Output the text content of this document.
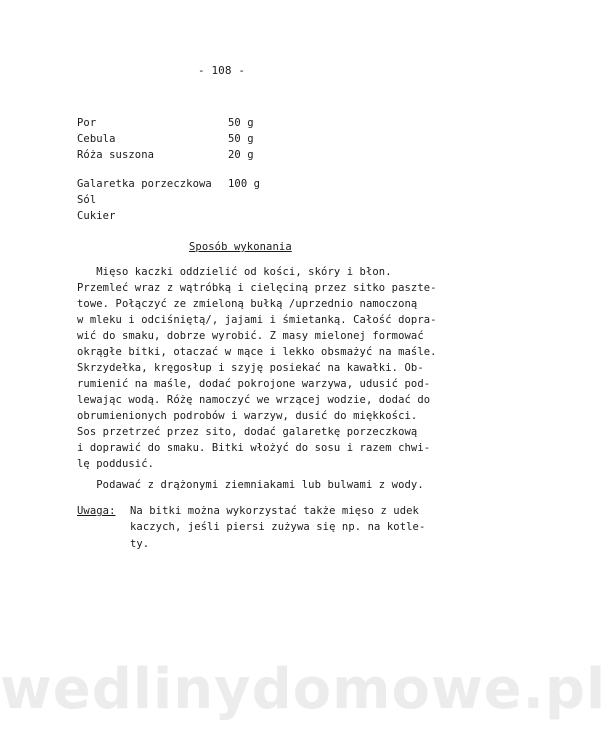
- 108 -
Por	50 g
Cebula	50 g
Róża suszona	20 g
Galaretka porzeczkowa 100 g
Sól
Cukier
Sposób wykonania
Mięso kaczki oddzielić od kości, skóry i błon.
Przemleć wraz z wątróbką i cielęciną przez sitko paszte-
towe. Połączyć ze zmieloną bułką /uprzednio namoczoną
w mleku i odciśniętą/, jajami i śmietanką. Całość dopra-
wić do smaku, dobrze wyrobić. Z masy mielonej formować
okrągłe bitki, otaczać w mące i lekko obsmażyć na maśle.
Skrzydełka, kręgosłup i szyję posiekać na kawałki. Ob-
rumienić na maśle, dodać pokrojone warzywa, udusić pod-
lewając wodą. Różę namoczyć we wrzącej wodzie, dodać do
obrumienionych podrobów i warzyw, dusić do miękkości.
Sos przetrzeć przez sito, dodać galaretkę porzeczkową
i doprawić do smaku. Bitki włożyć do sosu i razem chwi-
lę poddusić.
Podawać z drążonymi ziemniakami lub bulwami z wody.
Uwaga: Na bitki można wykorzystać także mięso z udek
kaczych, jeśli piersi zużywa się np. na kotle-
ty.
wedlinydomowe.pl
